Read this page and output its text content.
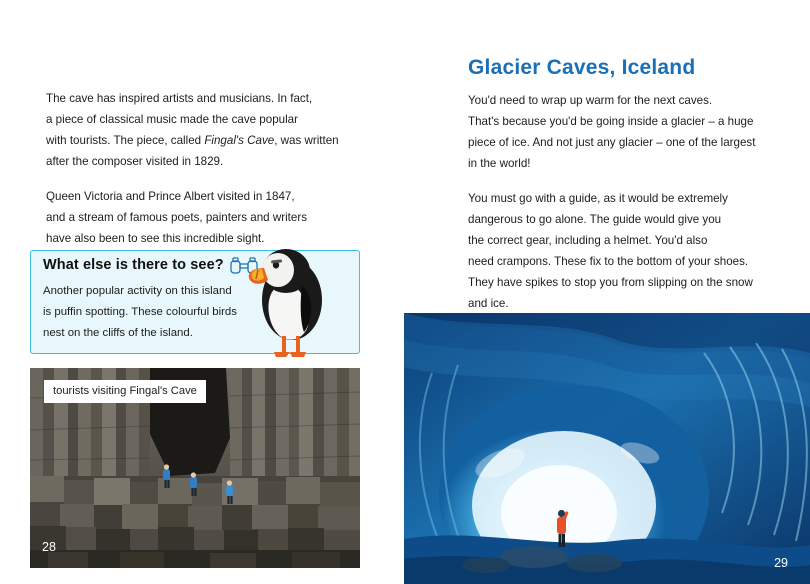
The cave has inspired artists and musicians. In fact,
a piece of classical music made the cave popular
with tourists. The piece, called Fingal's Cave, was written
after the composer visited in 1829.
Queen Victoria and Prince Albert visited in 1847,
and a stream of famous poets, painters and writers
have also been to see this incredible sight.
What else is there to see?
Another popular activity on this island
is puffin spotting. These colourful birds
nest on the cliffs of the island.
tourists visiting Fingal's Cave
28
Glacier Caves, Iceland
You'd need to wrap up warm for the next caves.
That's because you'd be going inside a glacier – a huge
piece of ice. And not just any glacier – one of the largest
in the world!
You must go with a guide, as it would be extremely
dangerous to go alone. The guide would give you
the correct gear, including a helmet. You'd also
need crampons. These fix to the bottom of your shoes.
They have spikes to stop you from slipping on the snow
and ice.
29
